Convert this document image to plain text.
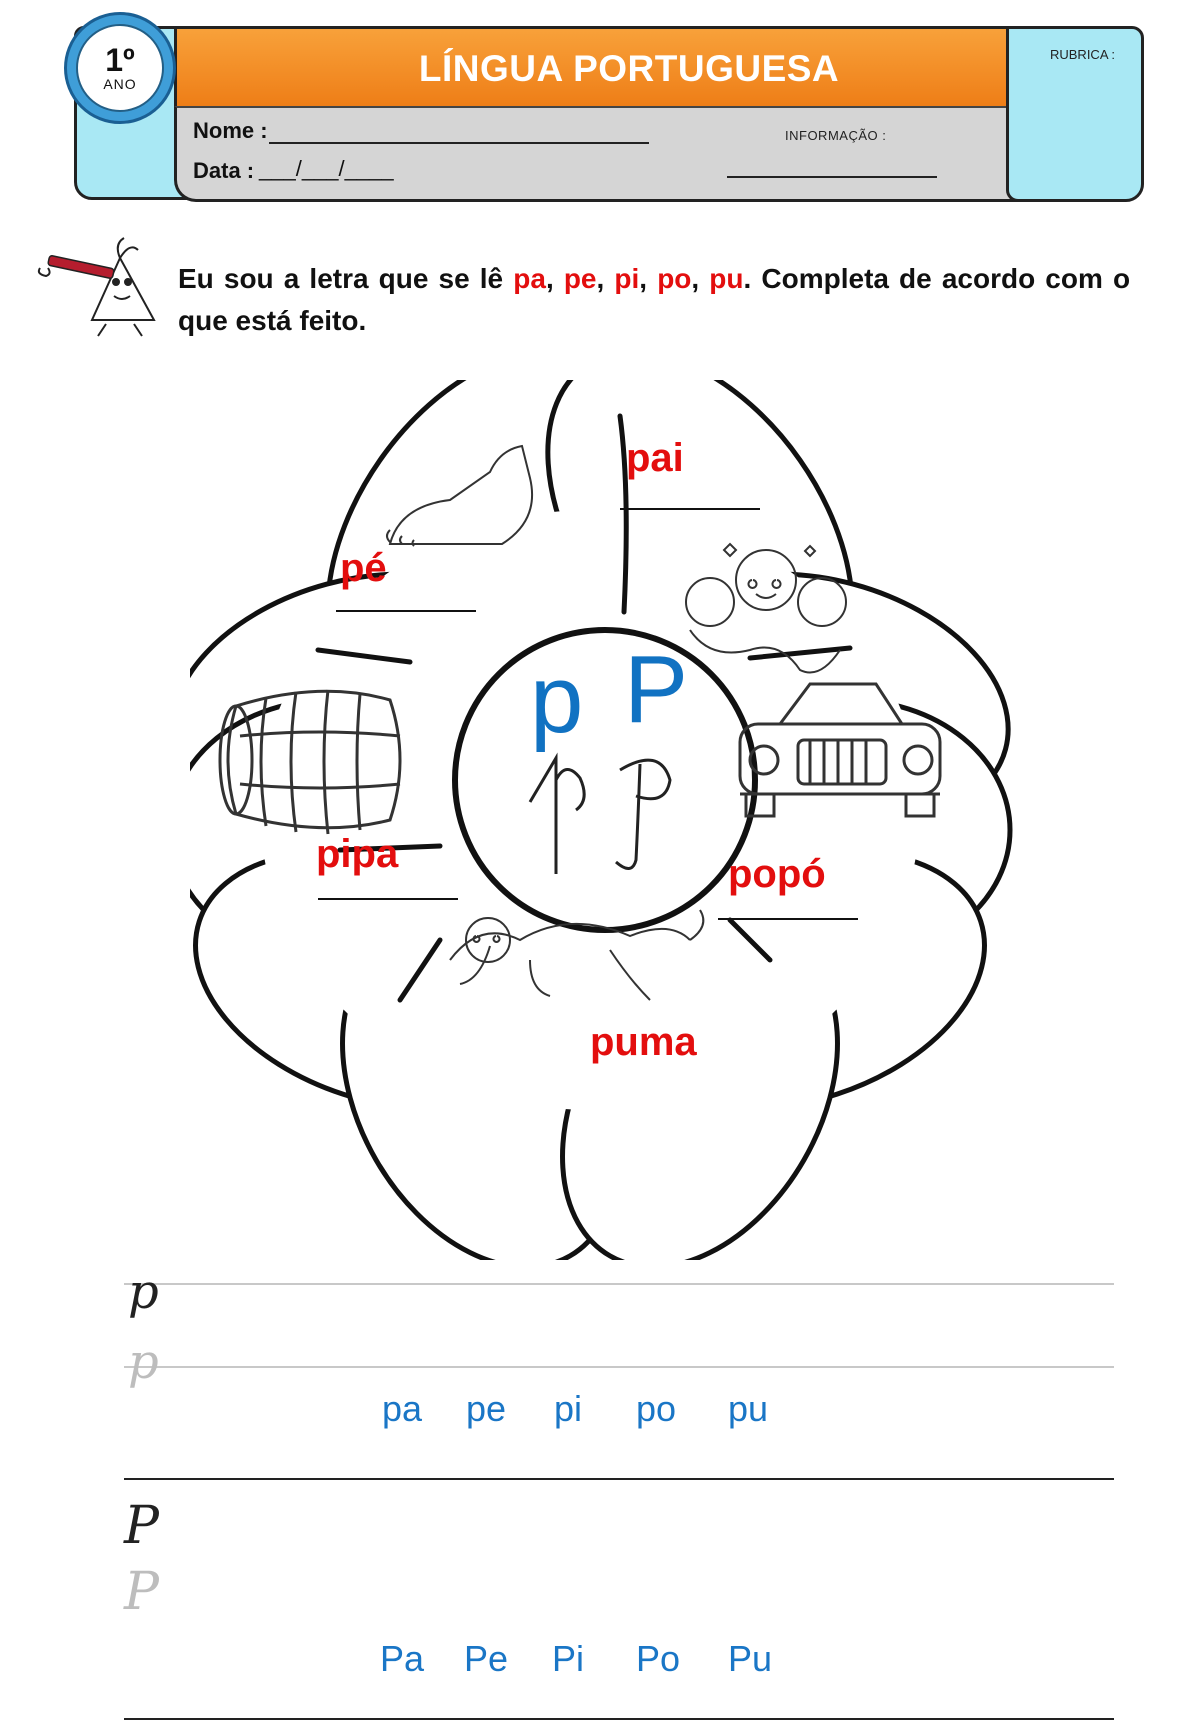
LÍNGUA PORTUGUESA
Nome :
Data : ___/___/____
INFORMAÇÃO :
RUBRICA :
1º
ANO
Eu sou a letra que se lê pa, pe, pi, po, pu. Completa de acordo com o que está feito.
pé
pai
pipa	popó
puma
p P
p
p
pa pe pi po pu
P
P
Pa Pe Pi Po Pu
